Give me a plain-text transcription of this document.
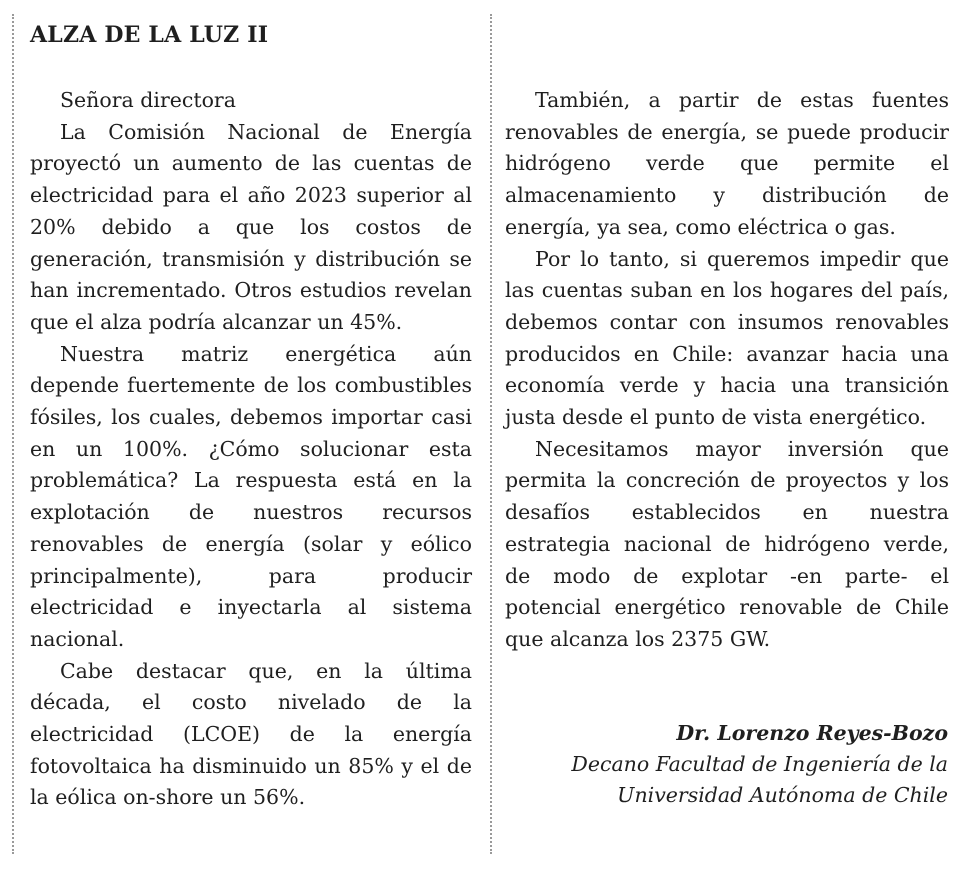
ALZA DE LA LUZ II

Señora directora

La Comisión Nacional de Energía proyectó un aumento de las cuentas de electricidad para el año 2023 superior al 20% debido a que los costos de generación, transmisión y distribución se han incrementado. Otros estudios revelan que el alza podría alcanzar un 45%.

Nuestra matriz energética aún depende fuertemente de los combustibles fósiles, los cuales, debemos importar casi en un 100%. ¿Cómo solucionar esta problemática? La respuesta está en la explotación de nuestros recursos renovables de energía (solar y eólico principalmente), para producir electricidad e inyectarla al sistema nacional.

Cabe destacar que, en la última década, el costo nivelado de la electricidad (LCOE) de la energía fotovoltaica ha disminuido un 85% y el de la eólica on-shore un 56%.

También, a partir de estas fuentes renovables de energía, se puede producir hidrógeno verde que permite el almacenamiento y distribución de energía, ya sea, como eléctrica o gas.

Por lo tanto, si queremos impedir que las cuentas suban en los hogares del país, debemos contar con insumos renovables producidos en Chile: avanzar hacia una economía verde y hacia una transición justa desde el punto de vista energético.

Necesitamos mayor inversión que permita la concreción de proyectos y los desafíos establecidos en nuestra estrategia nacional de hidrógeno verde, de modo de explotar -en parte- el potencial energético renovable de Chile que alcanza los 2375 GW.

Dr. Lorenzo Reyes-Bozo
Decano Facultad de Ingeniería de la
Universidad Autónoma de Chile
